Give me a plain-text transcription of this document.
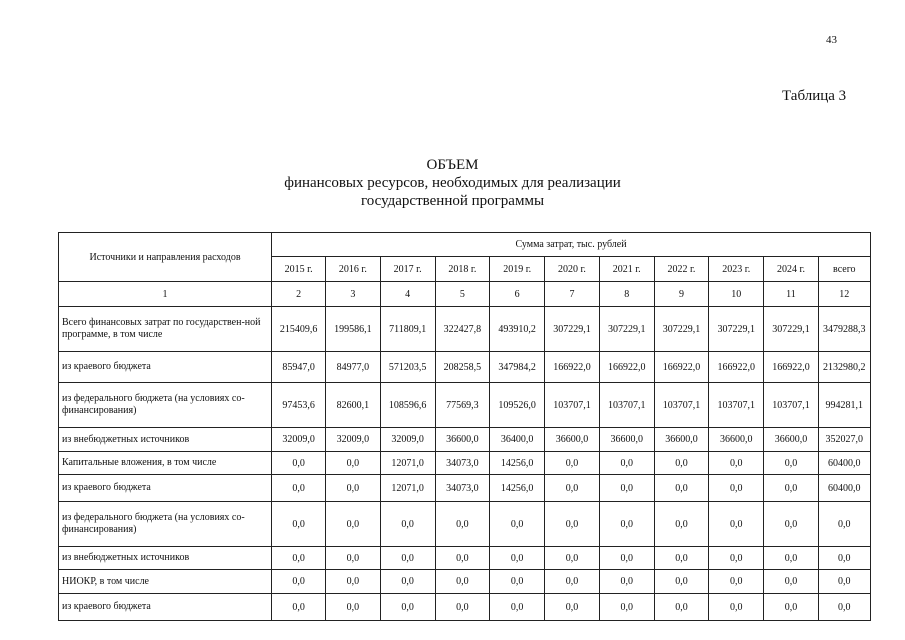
43
Таблица 3
ОБЪЕМ
финансовых ресурсов, необходимых для реализации
государственной программы
Источники и направления расходов	Сумма затрат, тыс. рублей										
	2015 г.	2016 г.	2017 г.	2018 г.	2019 г.	2020 г.	2021 г.	2022 г.	2023 г.	2024 г.	всего
1	2	3	4	5	6	7	8	9	10	11	12
Всего финансовых затрат по государствен-ной программе, в том числе	215409,6	199586,1	711809,1	322427,8	493910,2	307229,1	307229,1	307229,1	307229,1	307229,1	3479288,3
из краевого бюджета	85947,0	84977,0	571203,5	208258,5	347984,2	166922,0	166922,0	166922,0	166922,0	166922,0	2132980,2
из федерального бюджета (на условиях со-финансирования)	97453,6	82600,1	108596,6	77569,3	109526,0	103707,1	103707,1	103707,1	103707,1	103707,1	994281,1
из внебюджетных источников	32009,0	32009,0	32009,0	36600,0	36400,0	36600,0	36600,0	36600,0	36600,0	36600,0	352027,0
Капитальные вложения, в том числе	0,0	0,0	12071,0	34073,0	14256,0	0,0	0,0	0,0	0,0	0,0	60400,0
из краевого бюджета	0,0	0,0	12071,0	34073,0	14256,0	0,0	0,0	0,0	0,0	0,0	60400,0
из федерального бюджета (на условиях со-финансирования)	0,0	0,0	0,0	0,0	0,0	0,0	0,0	0,0	0,0	0,0	0,0
из внебюджетных источников	0,0	0,0	0,0	0,0	0,0	0,0	0,0	0,0	0,0	0,0	0,0
НИОКР, в том числе	0,0	0,0	0,0	0,0	0,0	0,0	0,0	0,0	0,0	0,0	0,0
из краевого бюджета	0,0	0,0	0,0	0,0	0,0	0,0	0,0	0,0	0,0	0,0	0,0
